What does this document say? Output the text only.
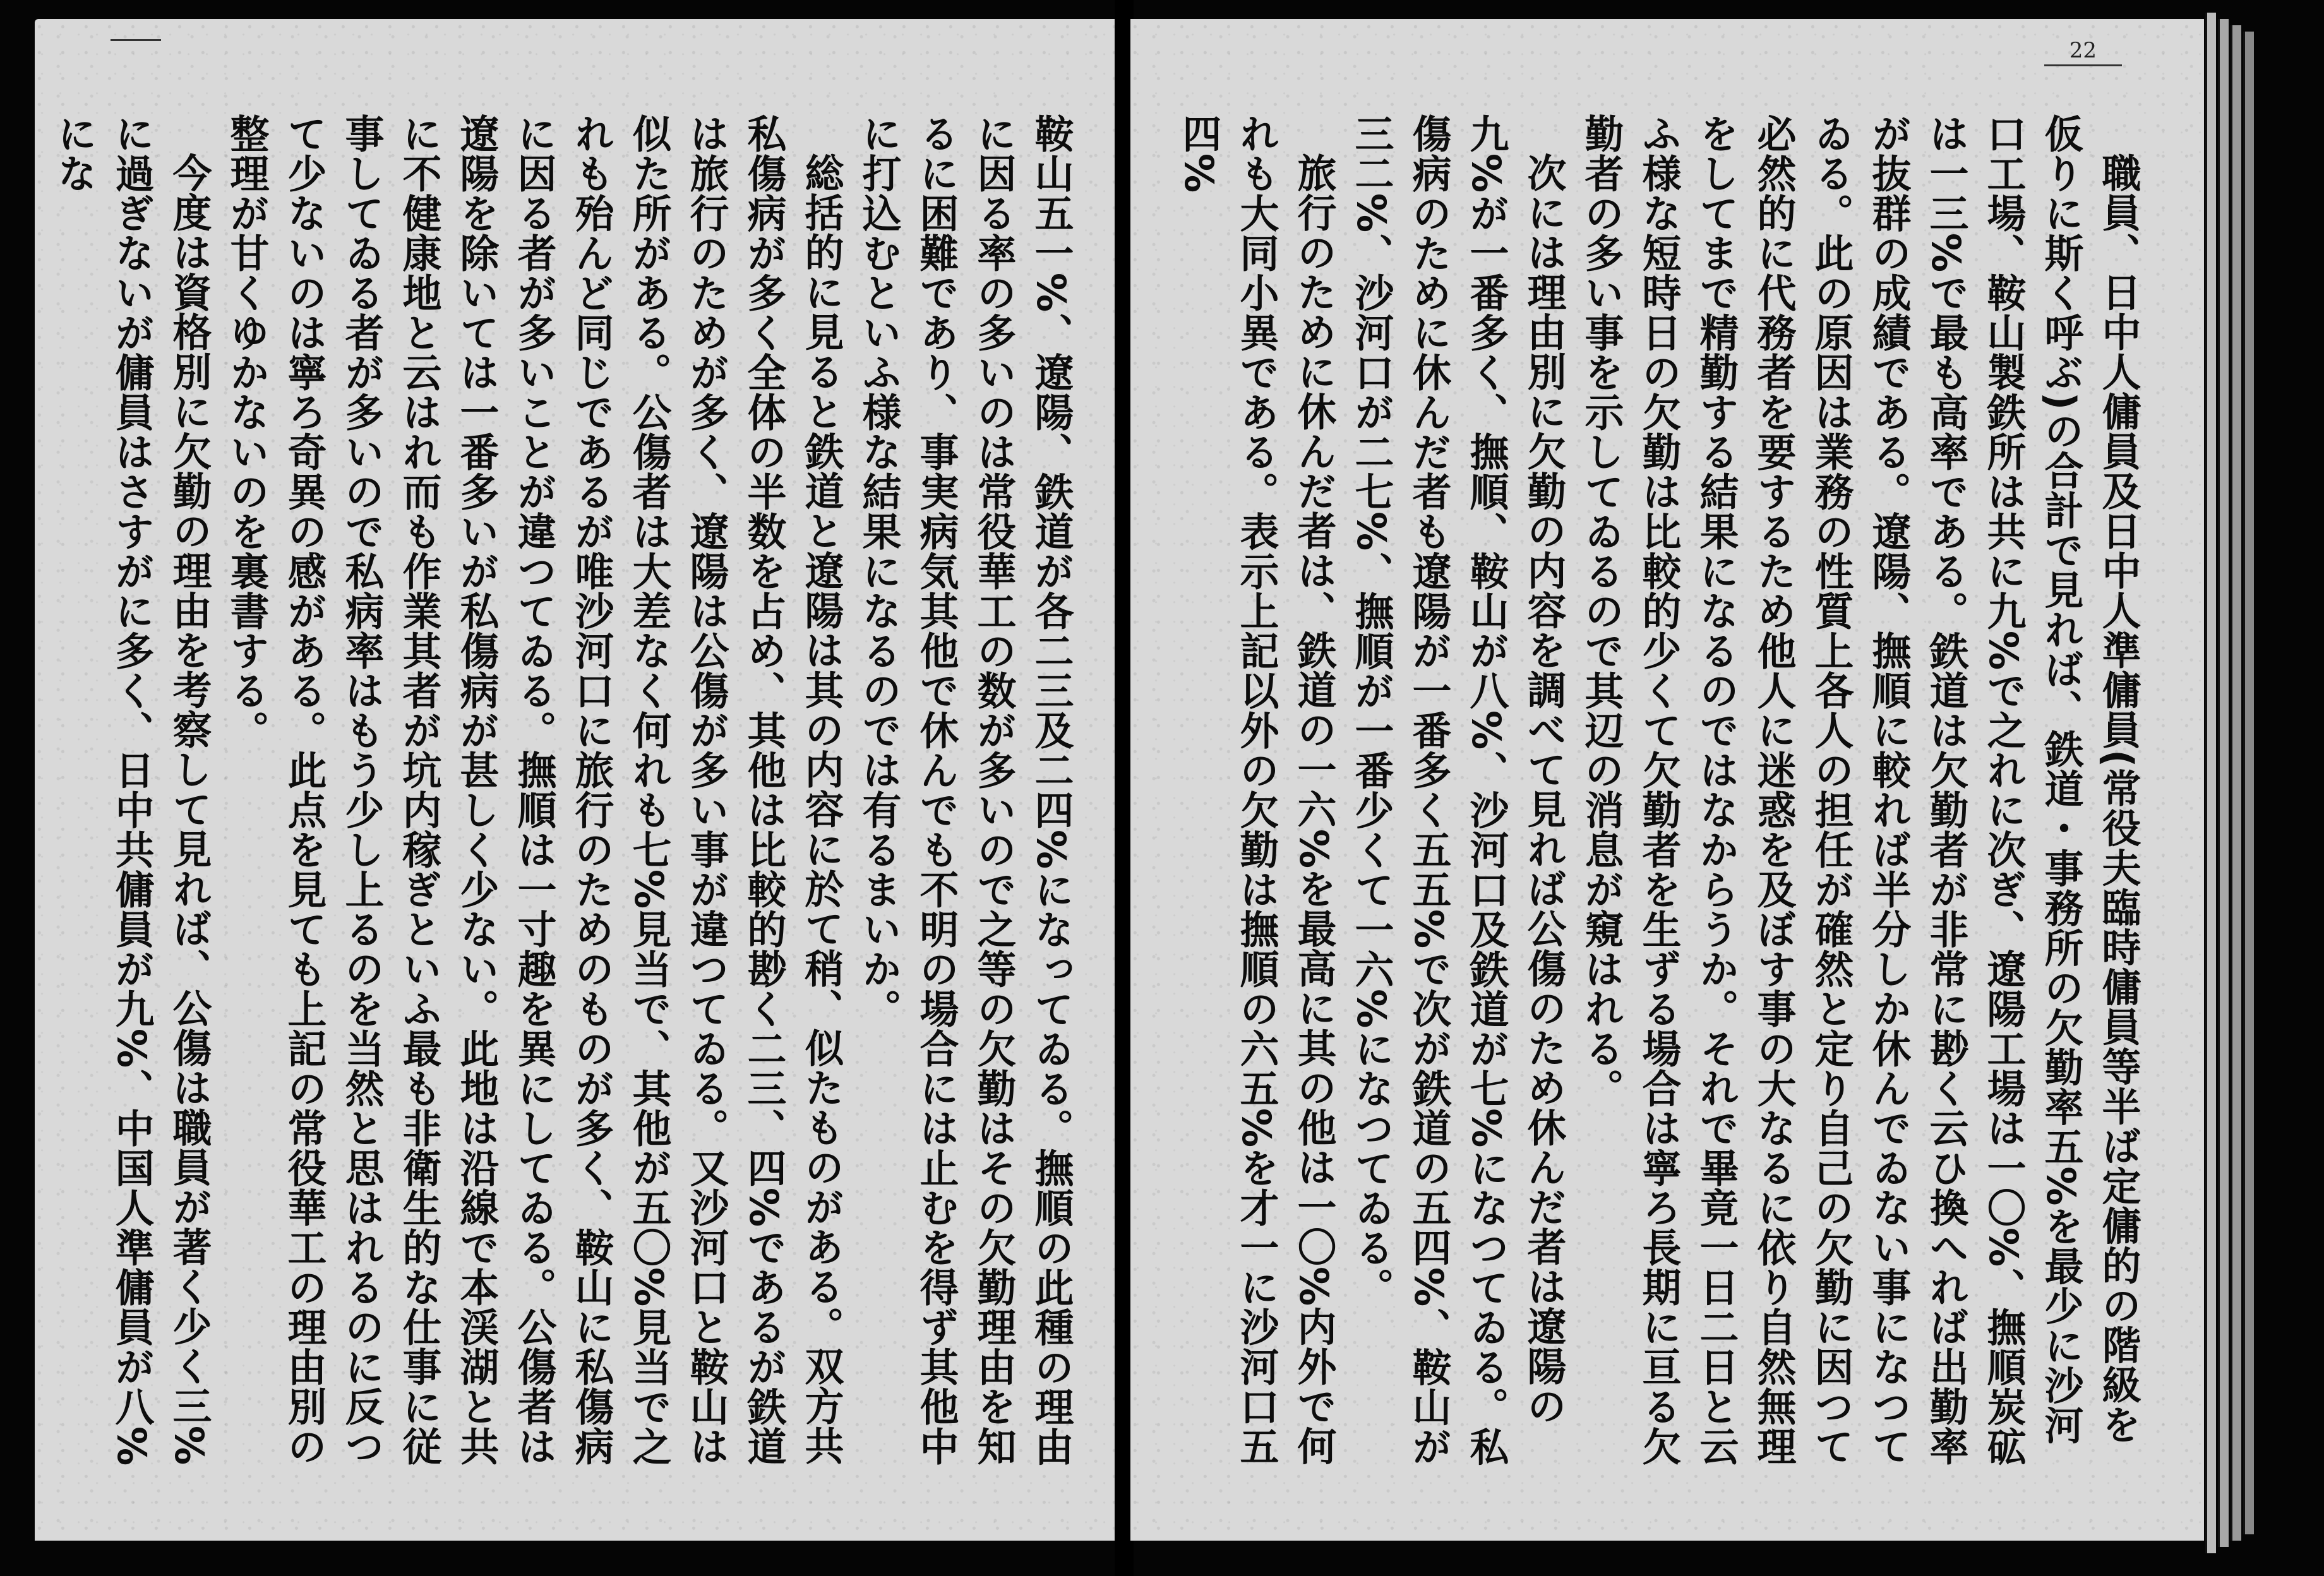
鞍山五一%、遼陽、鉄道が各二三及二四%になってゐる。撫順の此種の理由に因る率の多いのは常役華工の数が多いので之等の欠勤はその欠勤理由を知るに困難であり、事実病気其他で休んでも不明の場合には止むを得ず其他中に打込むといふ様な結果になるのでは有るまいか。

総括的に見ると鉄道と遼陽は其の内容に於て稍、似たものがある。双方共私傷病が多く全体の半数を占め、其他は比較的尠く二三、四%であるが鉄道は旅行のためが多く、遼陽は公傷が多い事が違つてゐる。又沙河口と鞍山は似た所がある。公傷者は大差なく何れも七%見当で、其他が五〇%見当で之れも殆んど同じであるが唯沙河口に旅行のためのものが多く、鞍山に私傷病に因る者が多いことが違つてゐる。撫順は一寸趣を異にしてゐる。公傷者は遼陽を除いては一番多いが私傷病が甚しく少ない。此地は沿線で本渓湖と共に不健康地と云はれ而も作業其者が坑内稼ぎといふ最も非衛生的な仕事に従事してゐる者が多いので私病率はもう少し上るのを当然と思はれるのに反つて少ないのは寧ろ奇異の感がある。此点を見ても上記の常役華工の理由別の整理が甘くゆかないのを裏書する。

今度は資格別に欠勤の理由を考察して見れば、公傷は職員が著く少く三%に過ぎないが傭員はさすがに多く、日中共傭員が九%、中国人準傭員が八%にな

22

職員、日中人傭員及日中人準傭員(常役夫臨時傭員等半ば定傭的の階級を仮りに斯く呼ぶ)の合計で見れば、鉄道・事務所の欠勤率五%を最少に沙河口工場、鞍山製鉄所は共に九%で之れに次ぎ、遼陽工場は一〇%、撫順炭砿は一三%で最も高率である。鉄道は欠勤者が非常に尠く云ひ換へれば出勤率が抜群の成績である。遼陽、撫順に較れば半分しか休んでゐない事になつてゐる。此の原因は業務の性質上各人の担任が確然と定り自己の欠勤に因つて必然的に代務者を要するため他人に迷惑を及ぼす事の大なるに依り自然無理をしてまで精勤する結果になるのではなからうか。それで畢竟一日二日と云ふ様な短時日の欠勤は比較的少くて欠勤者を生ずる場合は寧ろ長期に亘る欠勤者の多い事を示してゐるので其辺の消息が窺はれる。

次には理由別に欠勤の内容を調べて見れば公傷のため休んだ者は遼陽の九%が一番多く、撫順、鞍山が八%、沙河口及鉄道が七%になつてゐる。私傷病のために休んだ者も遼陽が一番多く五五%で次が鉄道の五四%、鞍山が三二%、沙河口が二七%、撫順が一番少くて一六%になつてゐる。

旅行のために休んだ者は、鉄道の一六%を最高に其の他は一〇%内外で何れも大同小異である。表示上記以外の欠勤は撫順の六五%を才一に沙河口五四%
